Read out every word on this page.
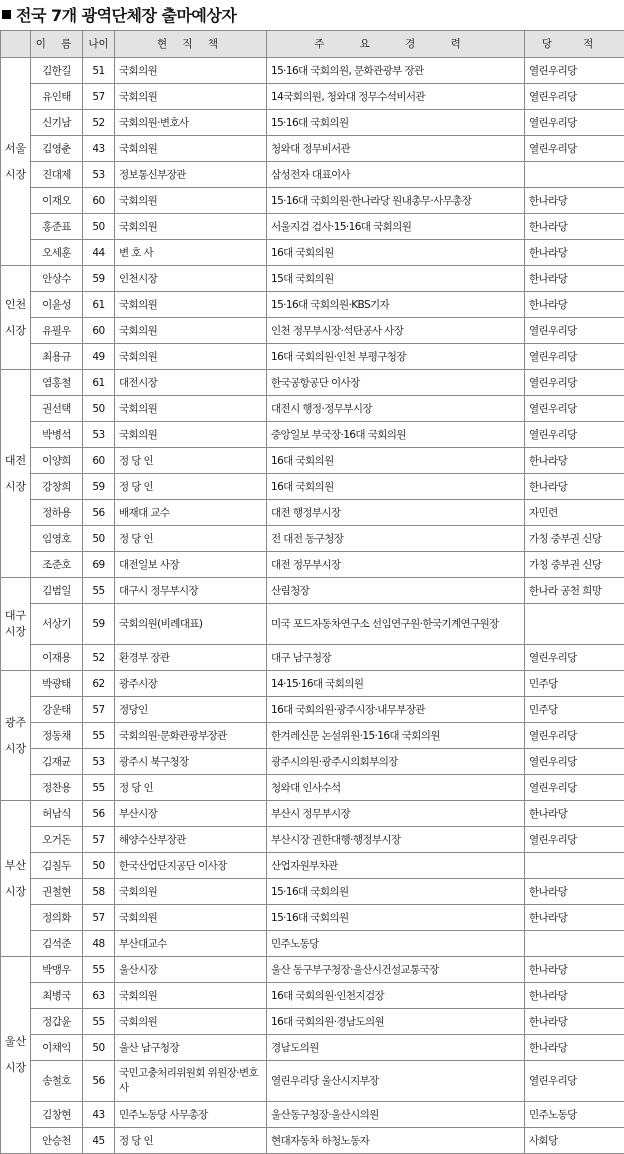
전국 7개 광역단체장 출마예상자
	이 름	나이	현 직 책	주 요 경 력	당 적
서울시장	김한길	51	국회의원	15·16대 국회의원, 문화관광부 장관	열린우리당
	유인태	57	국회의원	14국회의원, 청와대 정무수석비서관	열린우리당
	신기남	52	국회의원·변호사	15·16대 국회의원	열린우리당
	김영춘	43	국회의원	청와대 정무비서관	열린우리당
	진대제	53	정보통신부장관	삼성전자 대표이사	
	이재오	60	국회의원	15·16대 국회의원·한나라당 원내총무·사무총장	한나라당
	홍준표	50	국회의원	서울지검 검사·15·16대 국회의원	한나라당
	오세훈	44	변 호 사	16대 국회의원	한나라당
인천시장	안상수	59	인천시장	15대 국회의원	한나라당
	이윤성	61	국회의원	15·16대 국회의원·KBS기자	한나라당
	유필우	60	국회의원	인천 정무부시장·석탄공사 사장	열린우리당
	최용규	49	국회의원	16대 국회의원·인천 부평구청장	열린우리당
대전시장	염홍철	61	대전시장	한국공항공단 이사장	열린우리당
	권선택	50	국회의원	대전시 행정·정무부시장	열린우리당
	박병석	53	국회의원	중앙일보 부국장·16대 국회의원	열린우리당
	이양희	60	정 당 인	16대 국회의원	한나라당
	강창희	59	정 당 인	16대 국회의원	한나라당
	정하용	56	배재대 교수	대전 행정부시장	자민련
	임영호	50	정 당 인	전 대전 동구청장	가칭 중부권 신당
	조준호	69	대전일보 사장	대전 정무부시장	가칭 중부권 신당
대구시장	김범일	55	대구시 정무부시장	산림청장	한나라 공천 희망
	서상기	59	국회의원(비례대표)	미국 포드자동차연구소 선임연구원·한국기계연구원장	
	이재용	52	환경부 장관	대구 남구청장	열린우리당
광주시장	박광태	62	광주시장	14·15·16대 국회의원	민주당
	강운태	57	정당인	16대 국회의원·광주시장·내무부장관	민주당
	정동채	55	국회의원·문화관광부장관	한겨레신문 논설위원·15·16대 국회의원	열린우리당
	김재균	53	광주시 북구청장	광주시의원·광주시의회부의장	열린우리당
	정찬용	55	정 당 인	청와대 인사수석	열린우리당
부산시장	허남식	56	부산시장	부산시 정무부시장	한나라당
	오거돈	57	해양수산부장관	부산시장 권한대행·행정부시장	열린우리당
	김칠두	50	한국산업단지공단 이사장	산업자원부차관	
	권철현	58	국회의원	15·16대 국회의원	한나라당
	정의화	57	국회의원	15·16대 국회의원	한나라당
	김석준	48	부산대교수	민주노동당	
울산시장	박맹우	55	울산시장	울산 동구부구청장·울산시건설교통국장	한나라당
	최병국	63	국회의원	16대 국회의원·인천지검장	한나라당
	정갑윤	55	국회의원	16대 국회의원·경남도의원	한나라당
	이채익	50	울산 남구청장	경남도의원	한나라당
	송철호	56	국민고충처리위원회 위원장·변호사	열린우리당 울산시지부장	열린우리당
	김창현	43	민주노동당 사무총장	울산동구청장·울산시의원	민주노동당
	안승천	45	정 당 인	현대자동차 하청노동자	사회당
